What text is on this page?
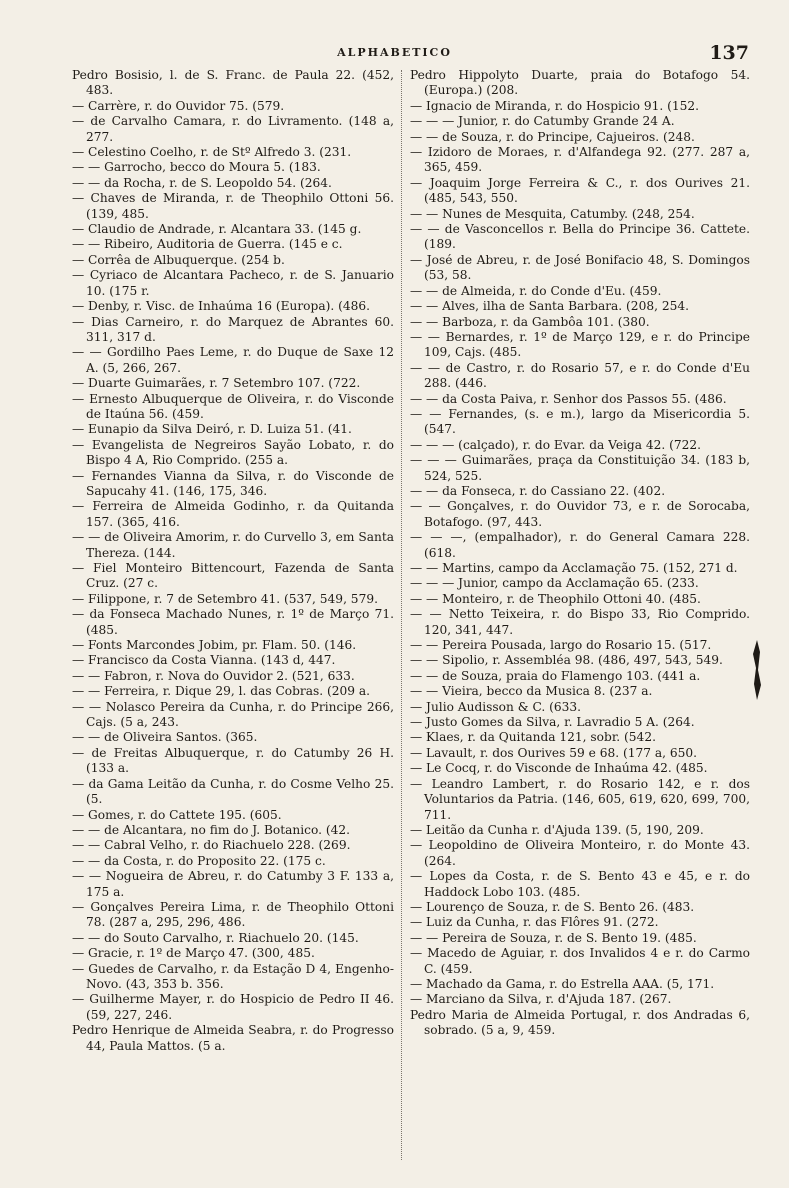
ALPHABETICO	137

Pedro Bosisio, l. de S. Franc. de Paula 22. (452, 483.

— Carrère, r. do Ouvidor 75. (579.

— de Carvalho Camara, r. do Livramento. (148 a, 277.

— Celestino Coelho, r. de Stº Alfredo 3. (231.

— — Garrocho, becco do Moura 5. (183.

— — da Rocha, r. de S. Leopoldo 54. (264.

— Chaves de Miranda, r. de Theophilo Ottoni 56. (139, 485.

— Claudio de Andrade, r. Alcantara 33. (145 g.

— — Ribeiro, Auditoria de Guerra. (145 e c.

— Corrêa de Albuquerque. (254 b.

— Cyriaco de Alcantara Pacheco, r. de S. Januario 10. (175 r.

— Denby, r. Visc. de Inhaúma 16 (Europa). (486.

— Dias Carneiro, r. do Marquez de Abrantes 60. 311, 317 d.

— — Gordilho Paes Leme, r. do Duque de Saxe 12 A. (5, 266, 267.

— Duarte Guimarães, r. 7 Setembro 107. (722.

— Ernesto Albuquerque de Oliveira, r. do Visconde de Itaúna 56. (459.

— Eunapio da Silva Deiró, r. D. Luiza 51. (41.

— Evangelista de Negreiros Sayão Lobato, r. do Bispo 4 A, Rio Comprido. (255 a.

— Fernandes Vianna da Silva, r. do Visconde de Sapucahy 41. (146, 175, 346.

— Ferreira de Almeida Godinho, r. da Quitanda 157. (365, 416.

— — de Oliveira Amorim, r. do Curvello 3, em Santa Thereza. (144.

— Fiel Monteiro Bittencourt, Fazenda de Santa Cruz. (27 c.

— Filippone, r. 7 de Setembro 41. (537, 549, 579.

— da Fonseca Machado Nunes, r. 1º de Março 71. (485.

— Fonts Marcondes Jobim, pr. Flam. 50. (146.

— Francisco da Costa Vianna. (143 d, 447.

— — Fabron, r. Nova do Ouvidor 2. (521, 633.

— — Ferreira, r. Dique 29, l. das Cobras. (209 a.

— — Nolasco Pereira da Cunha, r. do Principe 266, Cajs. (5 a, 243.

— — de Oliveira Santos. (365.

— de Freitas Albuquerque, r. do Catumby 26 H. (133 a.

— da Gama Leitão da Cunha, r. do Cosme Velho 25. (5.

— Gomes, r. do Cattete 195. (605.

— — de Alcantara, no fim do J. Botanico. (42.

— — Cabral Velho, r. do Riachuelo 228. (269.

— — da Costa, r. do Proposito 22. (175 c.

— — Nogueira de Abreu, r. do Catumby 3 F. 133 a, 175 a.

— Gonçalves Pereira Lima, r. de Theophilo Ottoni 78. (287 a, 295, 296, 486.

— — do Souto Carvalho, r. Riachuelo 20. (145.

— Gracie, r. 1º de Março 47. (300, 485.

— Guedes de Carvalho, r. da Estação D 4, Engenho-Novo. (43, 353 b. 356.

— Guilherme Mayer, r. do Hospicio de Pedro II 46. (59, 227, 246.

Pedro Henrique de Almeida Seabra, r. do Progresso 44, Paula Mattos. (5 a.

Pedro Hippolyto Duarte, praia do Botafogo 54. (Europa.) (208.

— Ignacio de Miranda, r. do Hospicio 91. (152.

— — — Junior, r. do Catumby Grande 24 A.

— — de Souza, r. do Principe, Cajueiros. (248.

— Izidoro de Moraes, r. d'Alfandega 92. (277. 287 a, 365, 459.

— Joaquim Jorge Ferreira & C., r. dos Ourives 21. (485, 543, 550.

— — Nunes de Mesquita, Catumby. (248, 254.

— — de Vasconcellos r. Bella do Principe 36. Cattete. (189.

— José de Abreu, r. de José Bonifacio 48, S. Domingos (53, 58.

— — de Almeida, r. do Conde d'Eu. (459.

— — Alves, ilha de Santa Barbara. (208, 254.

— — Barboza, r. da Gambôa 101. (380.

— — Bernardes, r. 1º de Março 129, e r. do Principe 109, Cajs. (485.

— — de Castro, r. do Rosario 57, e r. do Conde d'Eu 288. (446.

— — da Costa Paiva, r. Senhor dos Passos 55. (486.

— — Fernandes, (s. e m.), largo da Misericordia 5. (547.

— — — (calçado), r. do Evar. da Veiga 42. (722.

— — — Guimarães, praça da Constituição 34. (183 b, 524, 525.

— — da Fonseca, r. do Cassiano 22. (402.

— — Gonçalves, r. do Ouvidor 73, e r. de Sorocaba, Botafogo. (97, 443.

— — —, (empalhador), r. do General Camara 228. (618.

— — Martins, campo da Acclamação 75. (152, 271 d.

— — — Junior, campo da Acclamação 65. (233.

— — Monteiro, r. de Theophilo Ottoni 40. (485.

— — Netto Teixeira, r. do Bispo 33, Rio Comprido. 120, 341, 447.

— — Pereira Pousada, largo do Rosario 15. (517.

— — Sipolio, r. Assembléa 98. (486, 497, 543, 549.

— — de Souza, praia do Flamengo 103. (441 a.

— — Vieira, becco da Musica 8. (237 a.

— Julio Audisson & C. (633.

— Justo Gomes da Silva, r. Lavradio 5 A. (264.

— Klaes, r. da Quitanda 121, sobr. (542.

— Lavault, r. dos Ourives 59 e 68. (177 a, 650.

— Le Cocq, r. do Visconde de Inhaúma 42. (485.

— Leandro Lambert, r. do Rosario 142, e r. dos Voluntarios da Patria. (146, 605, 619, 620, 699, 700, 711.

— Leitão da Cunha r. d'Ajuda 139. (5, 190, 209.

— Leopoldino de Oliveira Monteiro, r. do Monte 43. (264.

— Lopes da Costa, r. de S. Bento 43 e 45, e r. do Haddock Lobo 103. (485.

— Lourenço de Souza, r. de S. Bento 26. (483.

— Luiz da Cunha, r. das Flôres 91. (272.

— — Pereira de Souza, r. de S. Bento 19. (485.

— Macedo de Aguiar, r. dos Invalidos 4 e r. do Carmo C. (459.

— Machado da Gama, r. do Estrella AAA. (5, 171.

— Marciano da Silva, r. d'Ajuda 187. (267.

Pedro Maria de Almeida Portugal, r. dos Andradas 6, sobrado. (5 a, 9, 459.
